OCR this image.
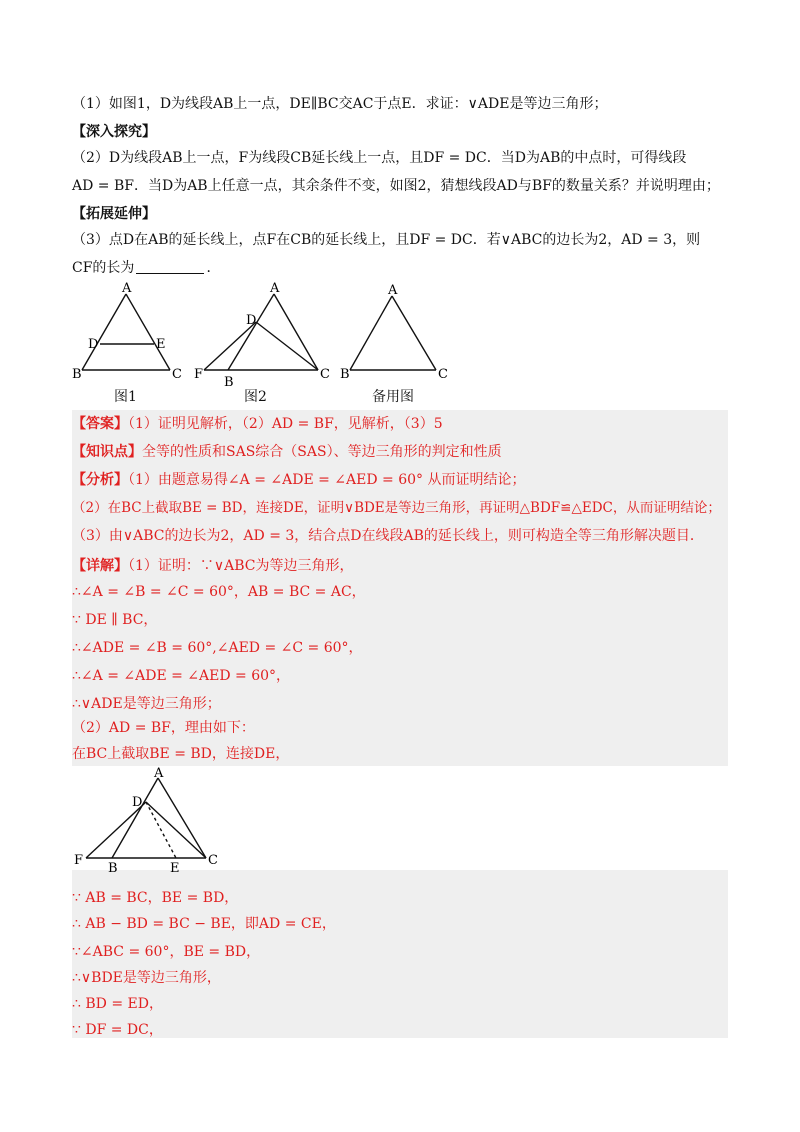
（1）如图1，D为线段AB上一点，DE∥BC交AC于点E．求证：∨ADE是等边三角形；
【深入探究】
（2）D为线段AB上一点，F为线段CB延长线上一点，且DF = DC．当D为AB的中点时，可得线段
AD = BF．当D为AB上任意一点，其余条件不变，如图2，猜想线段AD与BF的数量关系？并说明理由；
【拓展延伸】
（3）点D在AB的延长线上，点F在CB的延长线上，且DF = DC．若∨ABC的边长为2，AD = 3，则
CF的长为	．
A
D	E
B	C
图1
A
D
F
B
C
图2
A
B	C
备用图
【答案】（1）证明见解析，（2）AD = BF，见解析，（3）5
【知识点】全等的性质和SAS综合（SAS）、等边三角形的判定和性质
【分析】（1）由题意易得∠A = ∠ADE = ∠AED = 60° 从而证明结论；
（2）在BC上截取BE = BD，连接DE，证明∨BDE是等边三角形，再证明△BDF≌△EDC，从而证明结论；
（3）由∨ABC的边长为2，AD = 3，结合点D在线段AB的延长线上，则可构造全等三角形解决题目．
【详解】（1）证明：∵∨ABC为等边三角形，
∴∠A = ∠B = ∠C = 60°，AB = BC = AC，
∵ DE ∥ BC，
∴∠ADE = ∠B = 60°,∠AED = ∠C = 60°，
∴∠A = ∠ADE = ∠AED = 60°，
∴∨ADE是等边三角形；
（2）AD = BF，理由如下：
在BC上截取BE = BD，连接DE，
A
D
F
B	E
C
∵ AB = BC，BE = BD，
∴ AB − BD = BC − BE，即AD = CE，
∵∠ABC = 60°，BE = BD，
∴∨BDE是等边三角形，
∴ BD = ED，
∵ DF = DC，
